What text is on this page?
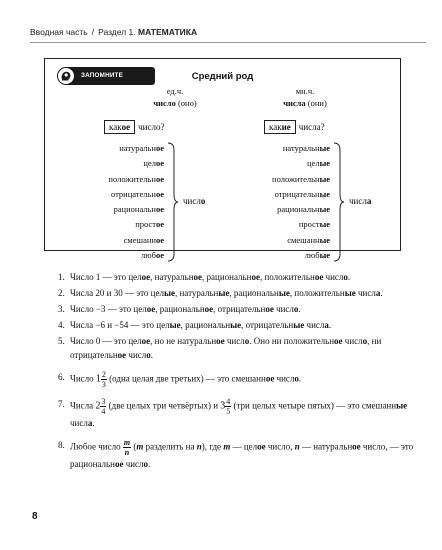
Вводная часть / Раздел 1. МАТЕМАТИКА
ЗАПОМНИТЕ	Средний род
ед.ч.
число (оно)
мн.ч.
числа (они)
какое число?	какие числа?
натуральное
целое
положительное
отрицательное
рациональное
простое
смешанное
любое
число
натуральные
целые
положительные
отрицательные
рациональные
простые
смешанные
любые
числа
1. Число 1 — это целое, натуральное, рациональное, положительное число.
2. Числа 20 и 30 — это целые, натуральные, рациональные, положительные числа.
3. Число −3 — это целое, рациональное, отрицательное число.
4. Числа −6 и −54 — это целые, рациональные, отрицательные числа.
5. Число 0 — это целое, но не натуральное число. Оно ни положительное число, ни отрицательное число.
6. Число $1 \frac{2}{3}$ (одна целая две третьих) — это смешанное число.
7. Числа $2 \frac{3}{4} (две$ целых три четвёртых) и $3 \frac{4}{5} (три$ целых четыре пятых) — это смешанные числа.
8. Любое число $\frac{m}{n} (m$ разделить на n), где m — целое число, n — натуральное число, — это рациональное число.
8
